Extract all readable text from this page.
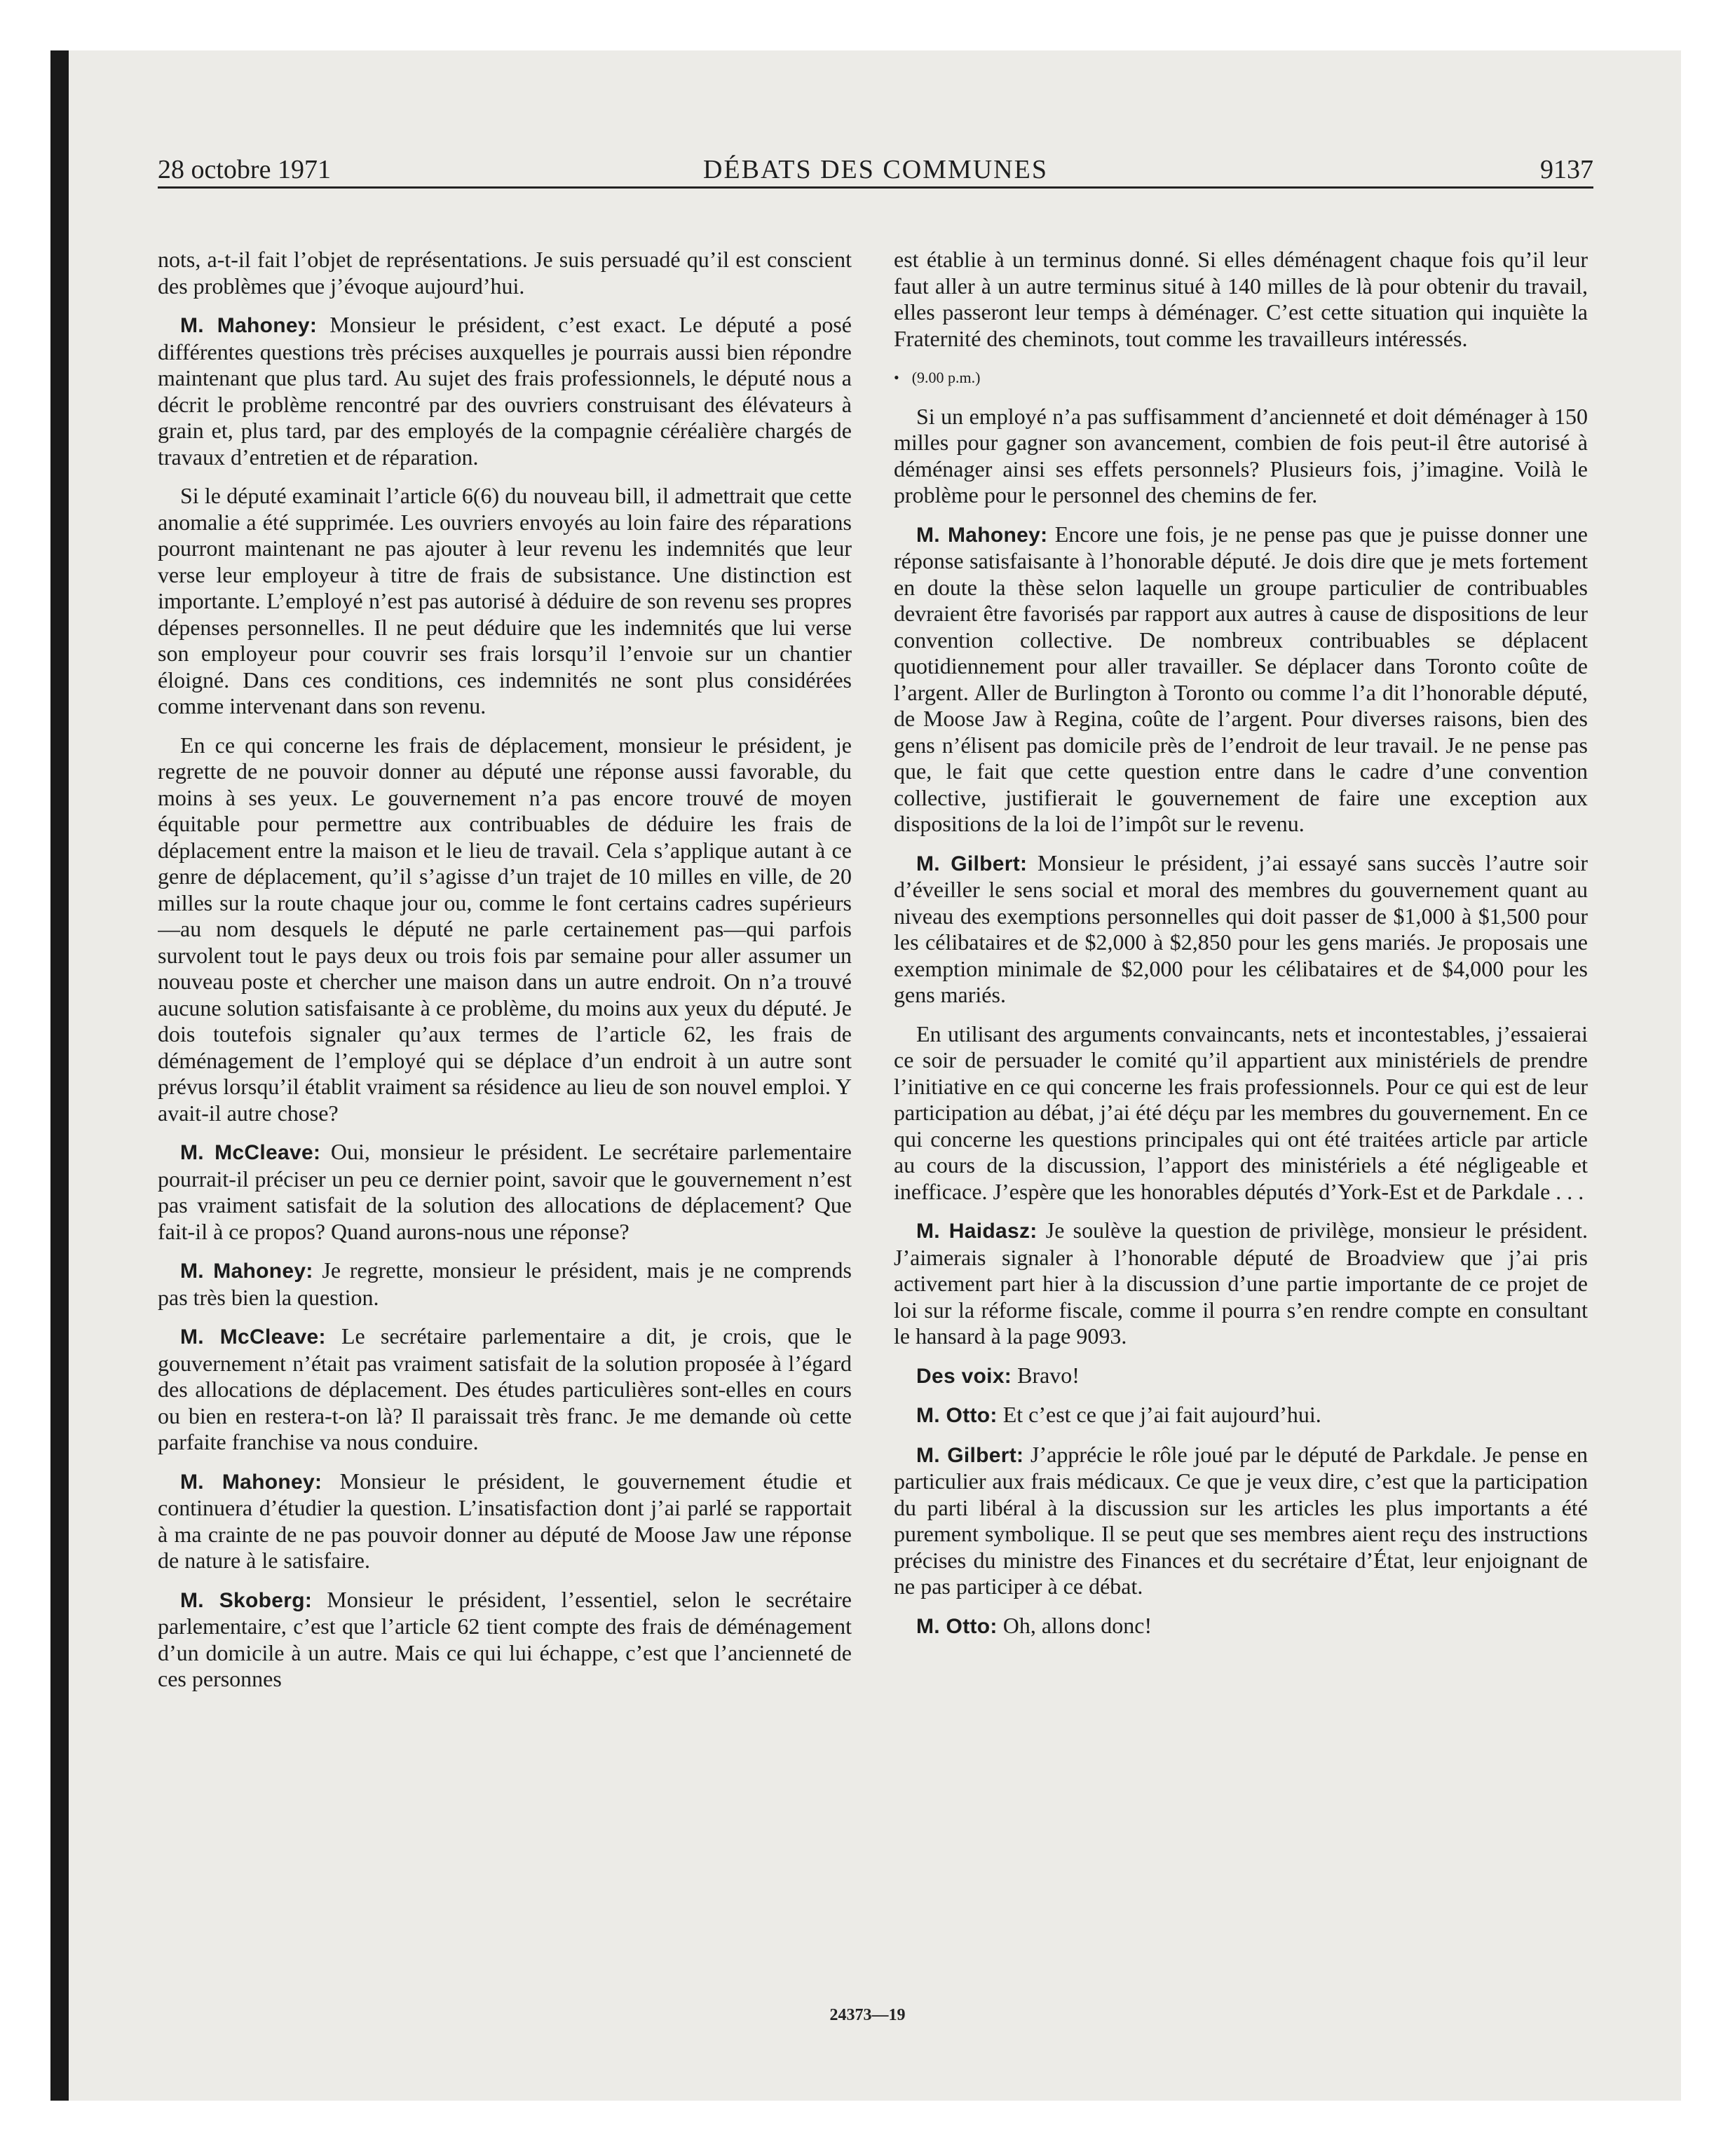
28 octobre 1971	DÉBATS DES COMMUNES	9137

nots, a-t-il fait l’objet de représentations. Je suis persuadé qu’il est conscient des problèmes que j’évoque aujourd’hui.

M. Mahoney: Monsieur le président, c’est exact. Le député a posé différentes questions très précises auxquelles je pourrais aussi bien répondre maintenant que plus tard. Au sujet des frais professionnels, le député nous a décrit le problème rencontré par des ouvriers construisant des élévateurs à grain et, plus tard, par des employés de la compagnie céréalière chargés de travaux d’entretien et de réparation.

Si le député examinait l’article 6(6) du nouveau bill, il admettrait que cette anomalie a été supprimée. Les ouvriers envoyés au loin faire des réparations pourront maintenant ne pas ajouter à leur revenu les indemnités que leur verse leur employeur à titre de frais de subsistance. Une distinction est importante. L’employé n’est pas autorisé à déduire de son revenu ses propres dépenses personnelles. Il ne peut déduire que les indemnités que lui verse son employeur pour couvrir ses frais lorsqu’il l’envoie sur un chantier éloigné. Dans ces conditions, ces indemnités ne sont plus considérées comme intervenant dans son revenu.

En ce qui concerne les frais de déplacement, monsieur le président, je regrette de ne pouvoir donner au député une réponse aussi favorable, du moins à ses yeux. Le gouvernement n’a pas encore trouvé de moyen équitable pour permettre aux contribuables de déduire les frais de déplacement entre la maison et le lieu de travail. Cela s’applique autant à ce genre de déplacement, qu’il s’agisse d’un trajet de 10 milles en ville, de 20 milles sur la route chaque jour ou, comme le font certains cadres supérieurs—au nom desquels le député ne parle certainement pas—qui parfois survolent tout le pays deux ou trois fois par semaine pour aller assumer un nouveau poste et chercher une maison dans un autre endroit. On n’a trouvé aucune solution satisfaisante à ce problème, du moins aux yeux du député. Je dois toutefois signaler qu’aux termes de l’article 62, les frais de déménagement de l’employé qui se déplace d’un endroit à un autre sont prévus lorsqu’il établit vraiment sa résidence au lieu de son nouvel emploi. Y avait-il autre chose?

M. McCleave: Oui, monsieur le président. Le secrétaire parlementaire pourrait-il préciser un peu ce dernier point, savoir que le gouvernement n’est pas vraiment satisfait de la solution des allocations de déplacement? Que fait-il à ce propos? Quand aurons-nous une réponse?

M. Mahoney: Je regrette, monsieur le président, mais je ne comprends pas très bien la question.

M. McCleave: Le secrétaire parlementaire a dit, je crois, que le gouvernement n’était pas vraiment satisfait de la solution proposée à l’égard des allocations de déplacement. Des études particulières sont-elles en cours ou bien en restera-t-on là? Il paraissait très franc. Je me demande où cette parfaite franchise va nous conduire.

M. Mahoney: Monsieur le président, le gouvernement étudie et continuera d’étudier la question. L’insatisfaction dont j’ai parlé se rapportait à ma crainte de ne pas pouvoir donner au député de Moose Jaw une réponse de nature à le satisfaire.

M. Skoberg: Monsieur le président, l’essentiel, selon le secrétaire parlementaire, c’est que l’article 62 tient compte des frais de déménagement d’un domicile à un autre. Mais ce qui lui échappe, c’est que l’ancienneté de ces personnes

est établie à un terminus donné. Si elles déménagent chaque fois qu’il leur faut aller à un autre terminus situé à 140 milles de là pour obtenir du travail, elles passeront leur temps à déménager. C’est cette situation qui inquiète la Fraternité des cheminots, tout comme les travailleurs intéressés.

• (9.00 p.m.)

Si un employé n’a pas suffisamment d’ancienneté et doit déménager à 150 milles pour gagner son avancement, combien de fois peut-il être autorisé à déménager ainsi ses effets personnels? Plusieurs fois, j’imagine. Voilà le problème pour le personnel des chemins de fer.

M. Mahoney: Encore une fois, je ne pense pas que je puisse donner une réponse satisfaisante à l’honorable député. Je dois dire que je mets fortement en doute la thèse selon laquelle un groupe particulier de contribuables devraient être favorisés par rapport aux autres à cause de dispositions de leur convention collective. De nombreux contribuables se déplacent quotidiennement pour aller travailler. Se déplacer dans Toronto coûte de l’argent. Aller de Burlington à Toronto ou comme l’a dit l’honorable député, de Moose Jaw à Regina, coûte de l’argent. Pour diverses raisons, bien des gens n’élisent pas domicile près de l’endroit de leur travail. Je ne pense pas que, le fait que cette question entre dans le cadre d’une convention collective, justifierait le gouvernement de faire une exception aux dispositions de la loi de l’impôt sur le revenu.

M. Gilbert: Monsieur le président, j’ai essayé sans succès l’autre soir d’éveiller le sens social et moral des membres du gouvernement quant au niveau des exemptions personnelles qui doit passer de $1,000 à $1,500 pour les célibataires et de $2,000 à $2,850 pour les gens mariés. Je proposais une exemption minimale de $2,000 pour les célibataires et de $4,000 pour les gens mariés.

En utilisant des arguments convaincants, nets et incontestables, j’essaierai ce soir de persuader le comité qu’il appartient aux ministériels de prendre l’initiative en ce qui concerne les frais professionnels. Pour ce qui est de leur participation au débat, j’ai été déçu par les membres du gouvernement. En ce qui concerne les questions principales qui ont été traitées article par article au cours de la discussion, l’apport des ministériels a été négligeable et inefficace. J’espère que les honorables députés d’York-Est et de Parkdale . . .

M. Haidasz: Je soulève la question de privilège, monsieur le président. J’aimerais signaler à l’honorable député de Broadview que j’ai pris activement part hier à la discussion d’une partie importante de ce projet de loi sur la réforme fiscale, comme il pourra s’en rendre compte en consultant le hansard à la page 9093.

Des voix: Bravo!

M. Otto: Et c’est ce que j’ai fait aujourd’hui.

M. Gilbert: J’apprécie le rôle joué par le député de Parkdale. Je pense en particulier aux frais médicaux. Ce que je veux dire, c’est que la participation du parti libéral à la discussion sur les articles les plus importants a été purement symbolique. Il se peut que ses membres aient reçu des instructions précises du ministre des Finances et du secrétaire d’État, leur enjoignant de ne pas participer à ce débat.

M. Otto: Oh, allons donc!

24373—19
